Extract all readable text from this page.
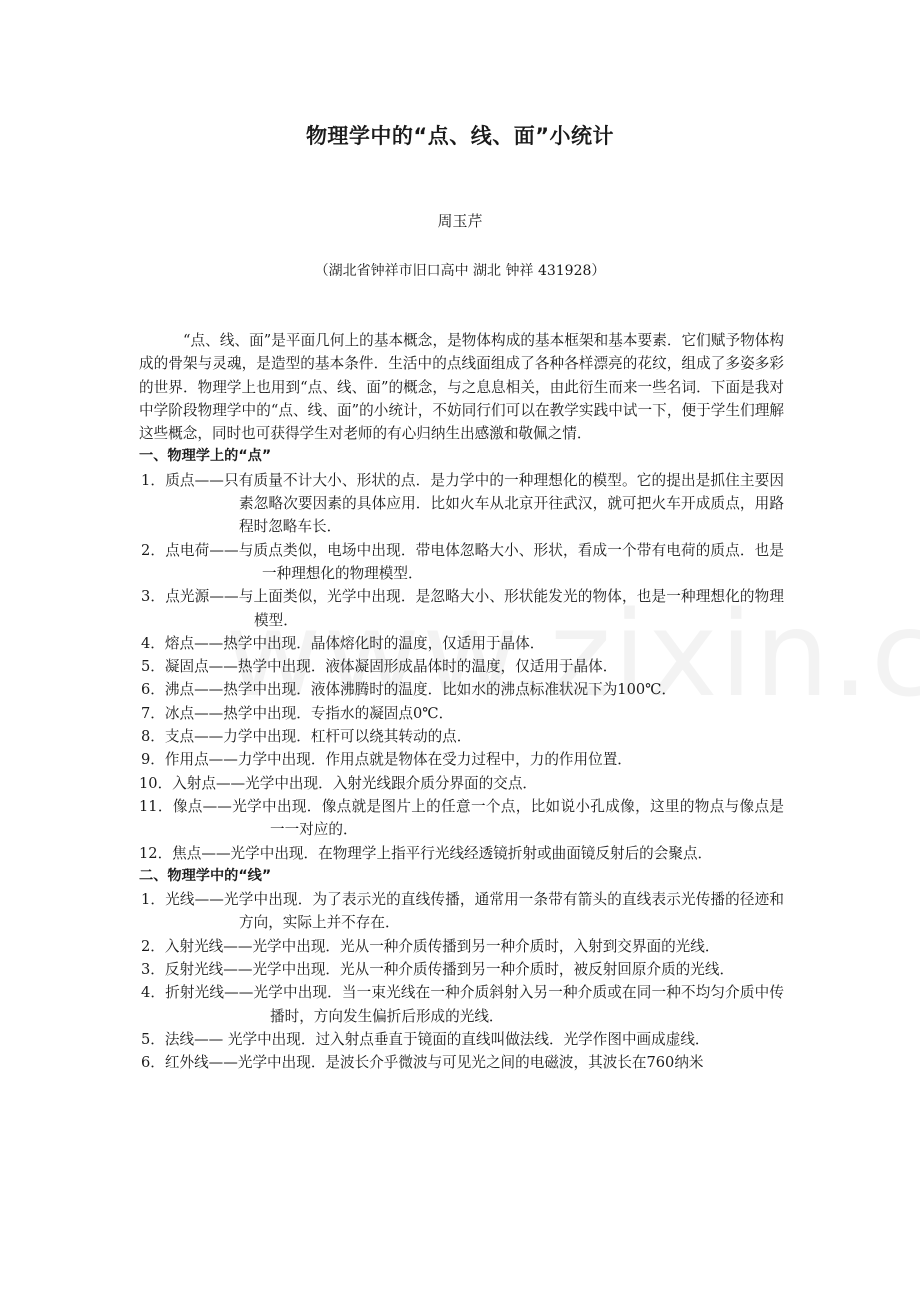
物理学中的“点、线、面”小统计
周玉芹
（湖北省钟祥市旧口高中 湖北 钟祥 431928）

“点、线、面”是平面几何上的基本概念，是物体构成的基本框架和基本要素．它们赋予物体构成的骨架与灵魂，是造型的基本条件．生活中的点线面组成了各种各样漂亮的花纹，组成了多姿多彩的世界．物理学上也用到“点、线、面”的概念，与之息息相关，由此衍生而来一些名词．下面是我对中学阶段物理学中的“点、线、面”的小统计，不妨同行们可以在教学实践中试一下，便于学生们理解这些概念，同时也可获得学生对老师的有心归纳生出感激和敬佩之情．

一、物理学上的“点”

1．质点——只有质量不计大小、形状的点．是力学中的一种理想化的模型。它的提出是抓住主要因素忽略次要因素的具体应用．比如火车从北京开往武汉，就可把火车开成质点，用路程时忽略车长．

2．点电荷——与质点类似，电场中出现．带电体忽略大小、形状，看成一个带有电荷的质点．也是一种理想化的物理模型．

3．点光源——与上面类似，光学中出现．是忽略大小、形状能发光的物体，也是一种理想化的物理模型．

4．熔点——热学中出现．晶体熔化时的温度，仅适用于晶体．

5．凝固点——热学中出现．液体凝固形成晶体时的温度，仅适用于晶体．

6．沸点——热学中出现．液体沸腾时的温度．比如水的沸点标准状况下为100℃．

7．冰点——热学中出现．专指水的凝固点0℃．

8．支点——力学中出现．杠杆可以绕其转动的点．

9．作用点——力学中出现．作用点就是物体在受力过程中，力的作用位置．

10．入射点——光学中出现．入射光线跟介质分界面的交点．

11．像点——光学中出现．像点就是图片上的任意一个点，比如说小孔成像，这里的物点与像点是一一对应的．

12．焦点——光学中出现．在物理学上指平行光线经透镜折射或曲面镜反射后的会聚点．

二、物理学中的“线”

1．光线——光学中出现．为了表示光的直线传播，通常用一条带有箭头的直线表示光传播的径迹和方向，实际上并不存在．

2．入射光线——光学中出现．光从一种介质传播到另一种介质时，入射到交界面的光线．

3．反射光线——光学中出现．光从一种介质传播到另一种介质时，被反射回原介质的光线．

4．折射光线——光学中出现．当一束光线在一种介质斜射入另一种介质或在同一种不均匀介质中传播时，方向发生偏折后形成的光线．

5．法线—— 光学中出现．过入射点垂直于镜面的直线叫做法线．光学作图中画成虚线．

6．红外线——光学中出现．是波长介乎微波与可见光之间的电磁波，其波长在760纳米
